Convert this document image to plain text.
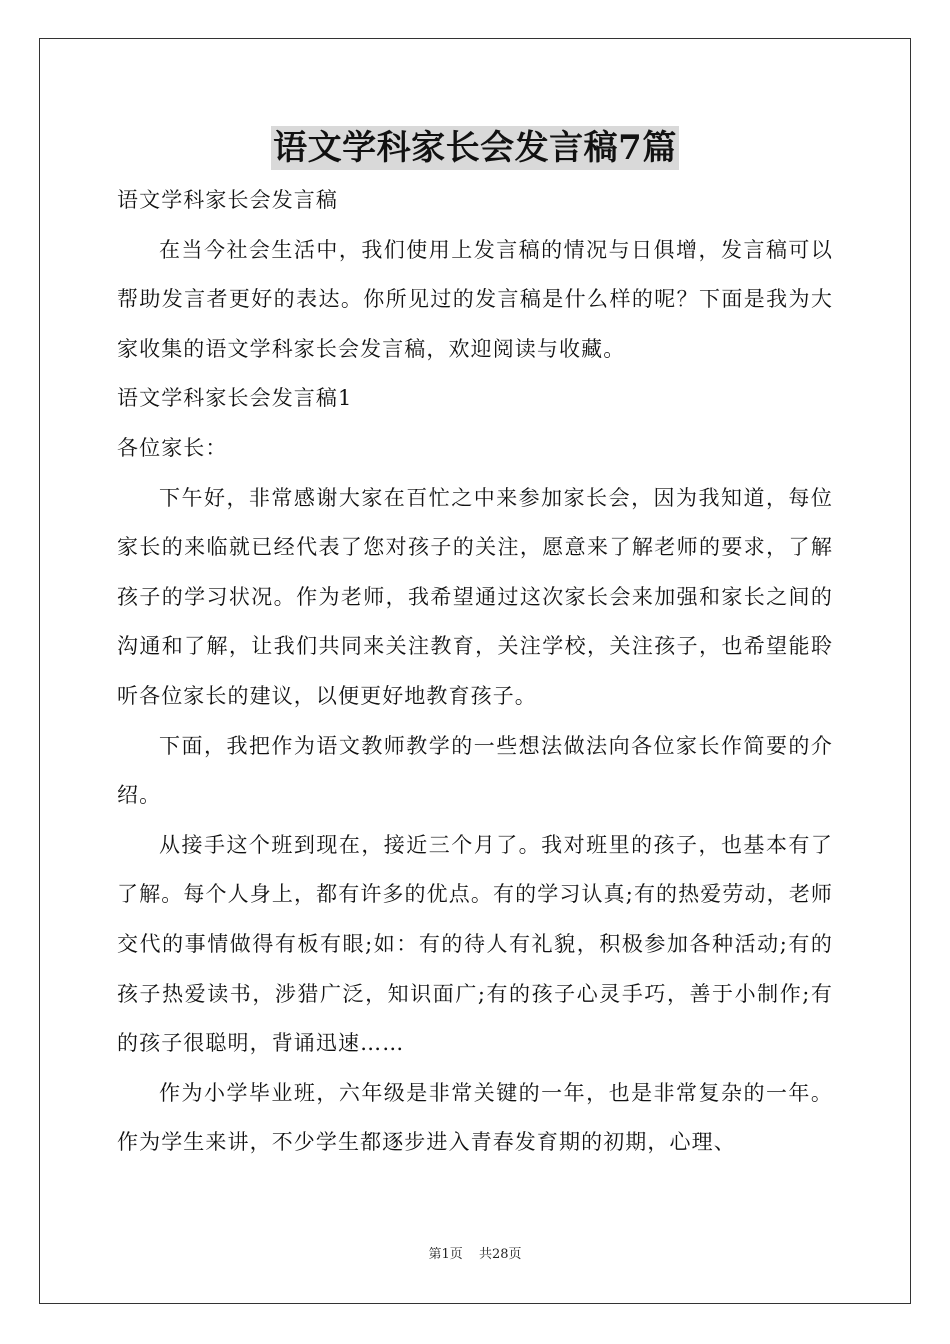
语文学科家长会发言稿7篇

语文学科家长会发言稿

在当今社会生活中，我们使用上发言稿的情况与日俱增，发言稿可以帮助发言者更好的表达。你所见过的发言稿是什么样的呢？下面是我为大家收集的语文学科家长会发言稿，欢迎阅读与收藏。

语文学科家长会发言稿1

各位家长：

下午好，非常感谢大家在百忙之中来参加家长会，因为我知道，每位家长的来临就已经代表了您对孩子的关注，愿意来了解老师的要求，了解孩子的学习状况。作为老师，我希望通过这次家长会来加强和家长之间的沟通和了解，让我们共同来关注教育，关注学校，关注孩子，也希望能聆听各位家长的建议，以便更好地教育孩子。

下面，我把作为语文教师教学的一些想法做法向各位家长作简要的介绍。

从接手这个班到现在，接近三个月了。我对班里的孩子，也基本有了了解。每个人身上，都有许多的优点。有的学习认真;有的热爱劳动，老师交代的事情做得有板有眼;如：有的待人有礼貌，积极参加各种活动;有的孩子热爱读书，涉猎广泛，知识面广;有的孩子心灵手巧，善于小制作;有的孩子很聪明，背诵迅速……

作为小学毕业班，六年级是非常关键的一年，也是非常复杂的一年。作为学生来讲，不少学生都逐步进入青春发育期的初期，心理、

第1页 共28页
